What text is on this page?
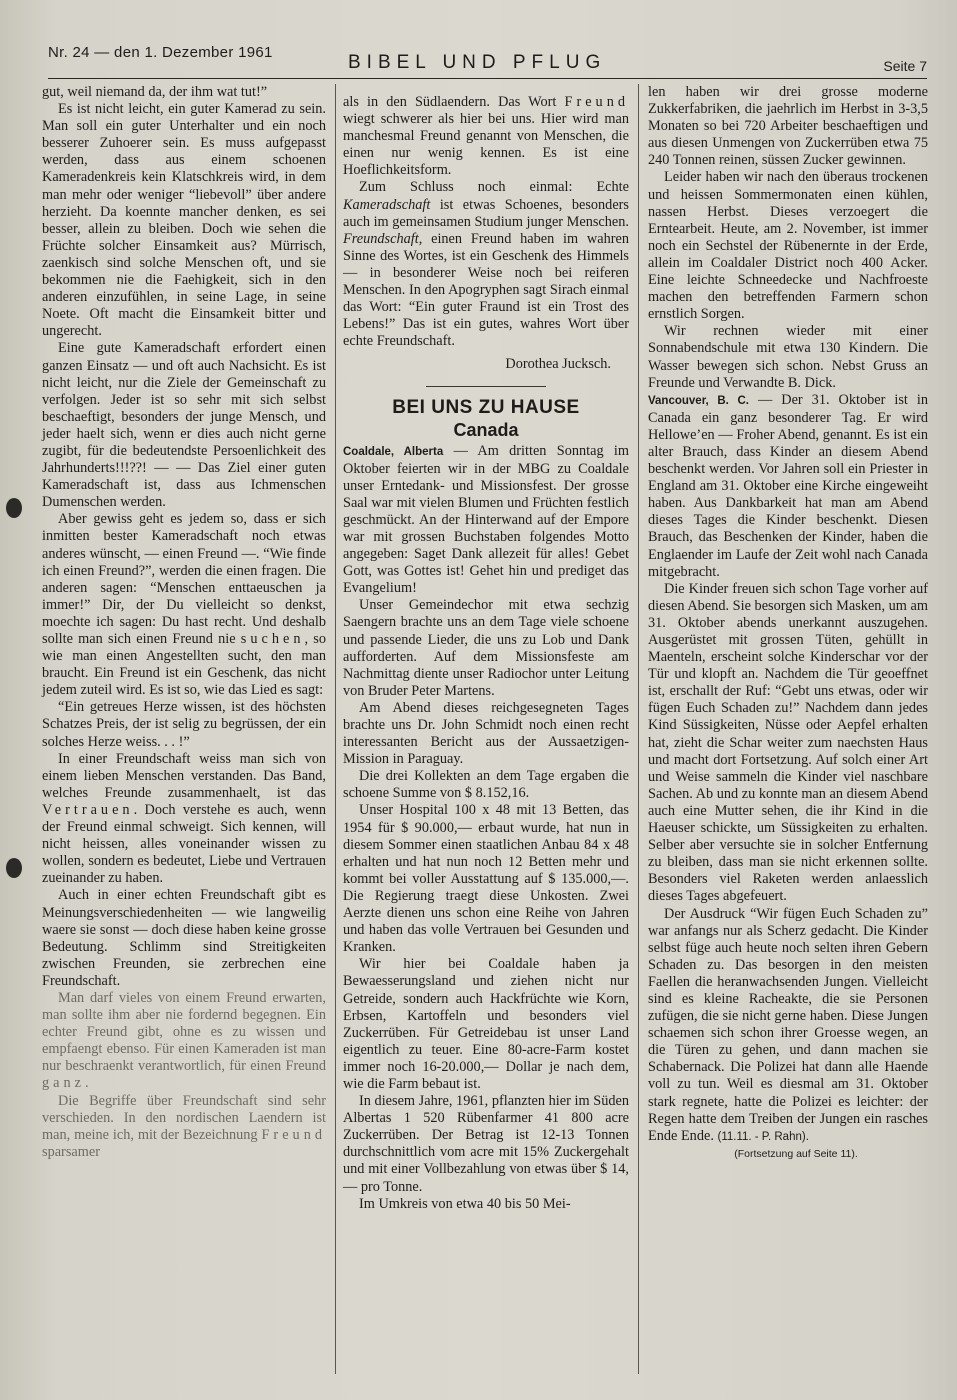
Nr. 24 — den 1. Dezember 1961	BIBEL UND PFLUG	Seite 7

gut, weil niemand da, der ihm wat tut!”

Es ist nicht leicht, ein guter Kamerad zu sein. Man soll ein guter Unterhalter und ein noch besserer Zuhoerer sein. Es muss aufgepasst werden, dass aus einem schoenen Kameradenkreis kein Klatschkreis wird, in dem man mehr oder weniger “liebevoll” über andere herzieht. Da koennte mancher denken, es sei besser, allein zu bleiben. Doch wie sehen die Früchte solcher Einsamkeit aus? Mürrisch, zaenkisch sind solche Menschen oft, und sie bekommen nie die Faehigkeit, sich in den anderen einzufühlen, in seine Lage, in seine Noete. Oft macht die Einsamkeit bitter und ungerecht.

Eine gute Kameradschaft erfordert einen ganzen Einsatz — und oft auch Nachsicht. Es ist nicht leicht, nur die Ziele der Gemeinschaft zu verfolgen. Jeder ist so sehr mit sich selbst beschaeftigt, besonders der junge Mensch, und jeder haelt sich, wenn er dies auch nicht gerne zugibt, für die bedeutendste Persoenlichkeit des Jahrhunderts!!!??! — — Das Ziel einer guten Kameradschaft ist, dass aus Ichmenschen Dumenschen werden.

Aber gewiss geht es jedem so, dass er sich inmitten bester Kameradschaft noch etwas anderes wünscht, — einen Freund —. “Wie finde ich einen Freund?”, werden die einen fragen. Die anderen sagen: “Menschen enttaeuschen ja immer!” Dir, der Du vielleicht so denkst, moechte ich sagen: Du hast recht. Und deshalb sollte man sich einen Freund nie suchen, so wie man einen Angestellten sucht, den man braucht. Ein Freund ist ein Geschenk, das nicht jedem zuteil wird. Es ist so, wie das Lied es sagt:

“Ein getreues Herze wissen, ist des höchsten Schatzes Preis, der ist selig zu begrüssen, der ein solches Herze weiss. . . !”

In einer Freundschaft weiss man sich von einem lieben Menschen verstanden. Das Band, welches Freunde zusammenhaelt, ist das Vertrauen. Doch verstehe es auch, wenn der Freund einmal schweigt. Sich kennen, will nicht heissen, alles voneinander wissen zu wollen, sondern es bedeutet, Liebe und Vertrauen zueinander zu haben.

Auch in einer echten Freundschaft gibt es Meinungsverschiedenheiten — wie langweilig waere sie sonst — doch diese haben keine grosse Bedeutung. Schlimm sind Streitigkeiten zwischen Freunden, sie zerbrechen eine Freundschaft.

Man darf vieles von einem Freund erwarten, man sollte ihm aber nie fordernd begegnen. Ein echter Freund gibt, ohne es zu wissen und empfaengt ebenso. Für einen Kameraden ist man nur beschraenkt verantwortlich, für einen Freund ganz.

Die Begriffe über Freundschaft sind sehr verschieden. In den nordischen Laendern ist man, meine ich, mit der Bezeichnung Freund sparsamer

als in den Südlaendern. Das Wort Freund wiegt schwerer als hier bei uns. Hier wird man manchesmal Freund genannt von Menschen, die einen nur wenig kennen. Es ist eine Hoeflichkeitsform.

Zum Schluss noch einmal: Echte Kameradschaft ist etwas Schoenes, besonders auch im gemeinsamen Studium junger Menschen. Freundschaft, einen Freund haben im wahren Sinne des Wortes, ist ein Geschenk des Himmels — in besonderer Weise noch bei reiferen Menschen. In den Apogryphen sagt Sirach einmal das Wort: “Ein guter Fraund ist ein Trost des Lebens!” Das ist ein gutes, wahres Wort über echte Freundschaft.

Dorothea Jucksch.
BEI UNS ZU HAUSE
Canada

Coaldale, Alberta — Am dritten Sonntag im Oktober feierten wir in der MBG zu Coaldale unser Erntedank- und Missionsfest. Der grosse Saal war mit vielen Blumen und Früchten festlich geschmückt. An der Hinterwand auf der Empore war mit grossen Buchstaben folgendes Motto angegeben: Saget Dank allezeit für alles! Gebet Gott, was Gottes ist! Gehet hin und prediget das Evangelium!

Unser Gemeindechor mit etwa sechzig Saengern brachte uns an dem Tage viele schoene und passende Lieder, die uns zu Lob und Dank aufforderten. Auf dem Missionsfeste am Nachmittag diente unser Radiochor unter Leitung von Bruder Peter Martens.

Am Abend dieses reichgesegneten Tages brachte uns Dr. John Schmidt noch einen recht interessanten Bericht aus der Aussaetzigen-Mission in Paraguay.

Die drei Kollekten an dem Tage ergaben die schoene Summe von $ 8.152,16.

Unser Hospital 100 x 48 mit 13 Betten, das 1954 für $ 90.000,— erbaut wurde, hat nun in diesem Sommer einen staatlichen Anbau 84 x 48 erhalten und hat nun noch 12 Betten mehr und kommt bei voller Ausstattung auf $ 135.000,—. Die Regierung traegt diese Unkosten. Zwei Aerzte dienen uns schon eine Reihe von Jahren und haben das volle Vertrauen bei Gesunden und Kranken.

Wir hier bei Coaldale haben ja Bewaesserungsland und ziehen nicht nur Getreide, sondern auch Hackfrüchte wie Korn, Erbsen, Kartoffeln und besonders viel Zuckerrüben. Für Getreidebau ist unser Land eigentlich zu teuer. Eine 80-acre-Farm kostet immer noch 16-20.000,— Dollar je nach dem, wie die Farm bebaut ist.

In diesem Jahre, 1961, pflanzten hier im Süden Albertas 1 520 Rübenfarmer 41 800 acre Zuckerrüben. Der Betrag ist 12-13 Tonnen durchschnittlich vom acre mit 15% Zuckergehalt und mit einer Vollbezahlung von etwas über $ 14,— pro Tonne.

Im Umkreis von etwa 40 bis 50 Mei-

len haben wir drei grosse moderne Zukkerfabriken, die jaehrlich im Herbst in 3-3,5 Monaten so bei 720 Arbeiter beschaeftigen und aus diesen Unmengen von Zuckerrüben etwa 75 240 Tonnen reinen, süssen Zucker gewinnen.

Leider haben wir nach den überaus trockenen und heissen Sommermonaten einen kühlen, nassen Herbst. Dieses verzoegert die Erntearbeit. Heute, am 2. November, ist immer noch ein Sechstel der Rübenernte in der Erde, allein im Coaldaler District noch 400 Acker. Eine leichte Schneedecke und Nachfroeste machen den betreffenden Farmern schon ernstlich Sorgen.

Wir rechnen wieder mit einer Sonnabendschule mit etwa 130 Kindern. Die Wasser bewegen sich schon. Nebst Gruss an Freunde und Verwandte B. Dick.

Vancouver, B. C. — Der 31. Oktober ist in Canada ein ganz besonderer Tag. Er wird Hellowe’en — Froher Abend, genannt. Es ist ein alter Brauch, dass Kinder an diesem Abend beschenkt werden. Vor Jahren soll ein Priester in England am 31. Oktober eine Kirche eingeweiht haben. Aus Dankbarkeit hat man am Abend dieses Tages die Kinder beschenkt. Diesen Brauch, das Beschenken der Kinder, haben die Englaender im Laufe der Zeit wohl nach Canada mitgebracht.

Die Kinder freuen sich schon Tage vorher auf diesen Abend. Sie besorgen sich Masken, um am 31. Oktober abends unerkannt auszugehen. Ausgerüstet mit grossen Tüten, gehüllt in Maenteln, erscheint solche Kinderschar vor der Tür und klopft an. Nachdem die Tür geoeffnet ist, erschallt der Ruf: “Gebt uns etwas, oder wir fügen Euch Schaden zu!” Nachdem dann jedes Kind Süssigkeiten, Nüsse oder Aepfel erhalten hat, zieht die Schar weiter zum naechsten Haus und macht dort Fortsetzung. Auf solch einer Art und Weise sammeln die Kinder viel naschbare Sachen. Ab und zu konnte man an diesem Abend auch eine Mutter sehen, die ihr Kind in die Haeuser schickte, um Süssigkeiten zu erhalten. Selber aber versuchte sie in solcher Entfernung zu bleiben, dass man sie nicht erkennen sollte. Besonders viel Raketen werden anlaesslich dieses Tages abgefeuert.

Der Ausdruck “Wir fügen Euch Schaden zu” war anfangs nur als Scherz gedacht. Die Kinder selbst füge auch heute noch selten ihren Gebern Schaden zu. Das besorgen in den meisten Faellen die heranwachsenden Jungen. Vielleicht sind es kleine Racheakte, die sie Personen zufügen, die sie nicht gerne haben. Diese Jungen schaemen sich schon ihrer Groesse wegen, an die Türen zu gehen, und dann machen sie Schabernack. Die Polizei hat dann alle Haende voll zu tun. Weil es diesmal am 31. Oktober stark regnete, hatte die Polizei es leichter: der Regen hatte dem Treiben der Jungen ein rasches Ende Ende. (11.11. - P. Rahn).

(Fortsetzung auf Seite 11).
